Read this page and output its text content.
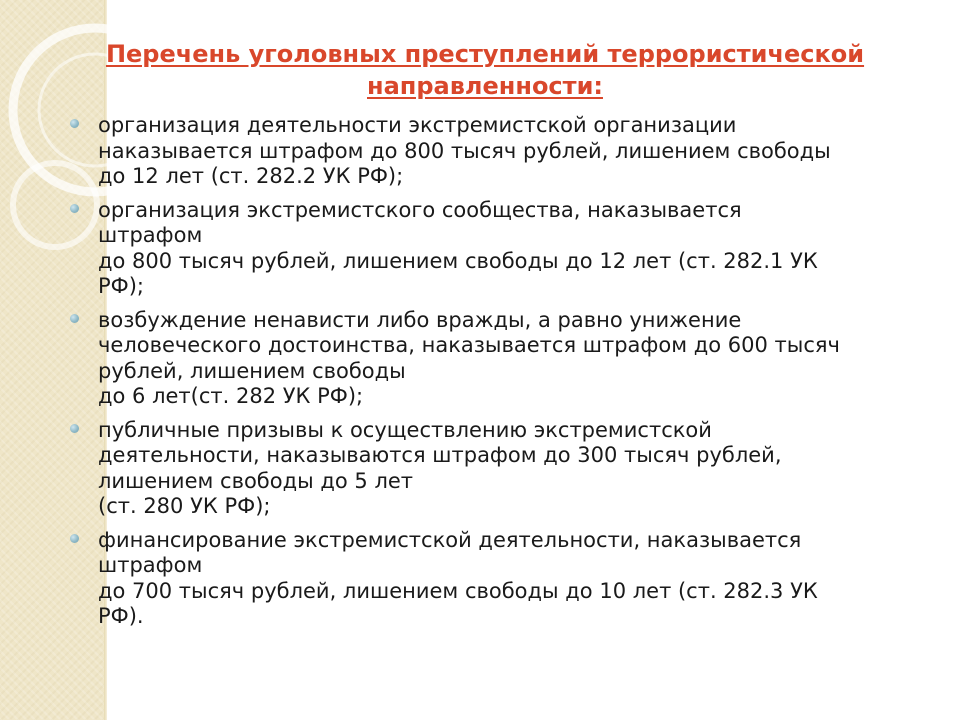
Перечень уголовных преступлений террористической
направленности:
организация деятельности экстремистской организации
наказывается штрафом до 800 тысяч рублей, лишением свободы
до 12 лет (ст. 282.2 УК РФ);
организация экстремистского сообщества, наказывается
штрафом
до 800 тысяч рублей, лишением свободы до 12 лет (ст. 282.1 УК
РФ);
возбуждение ненависти либо вражды, а равно унижение
человеческого достоинства, наказывается штрафом до 600 тысяч
рублей, лишением свободы
до 6 лет(ст. 282 УК РФ);
публичные призывы к осуществлению экстремистской
деятельности, наказываются штрафом до 300 тысяч рублей,
лишением свободы до 5 лет
(ст. 280 УК РФ);
финансирование экстремистской деятельности, наказывается
штрафом
до 700 тысяч рублей, лишением свободы до 10 лет (ст. 282.3 УК
РФ).
